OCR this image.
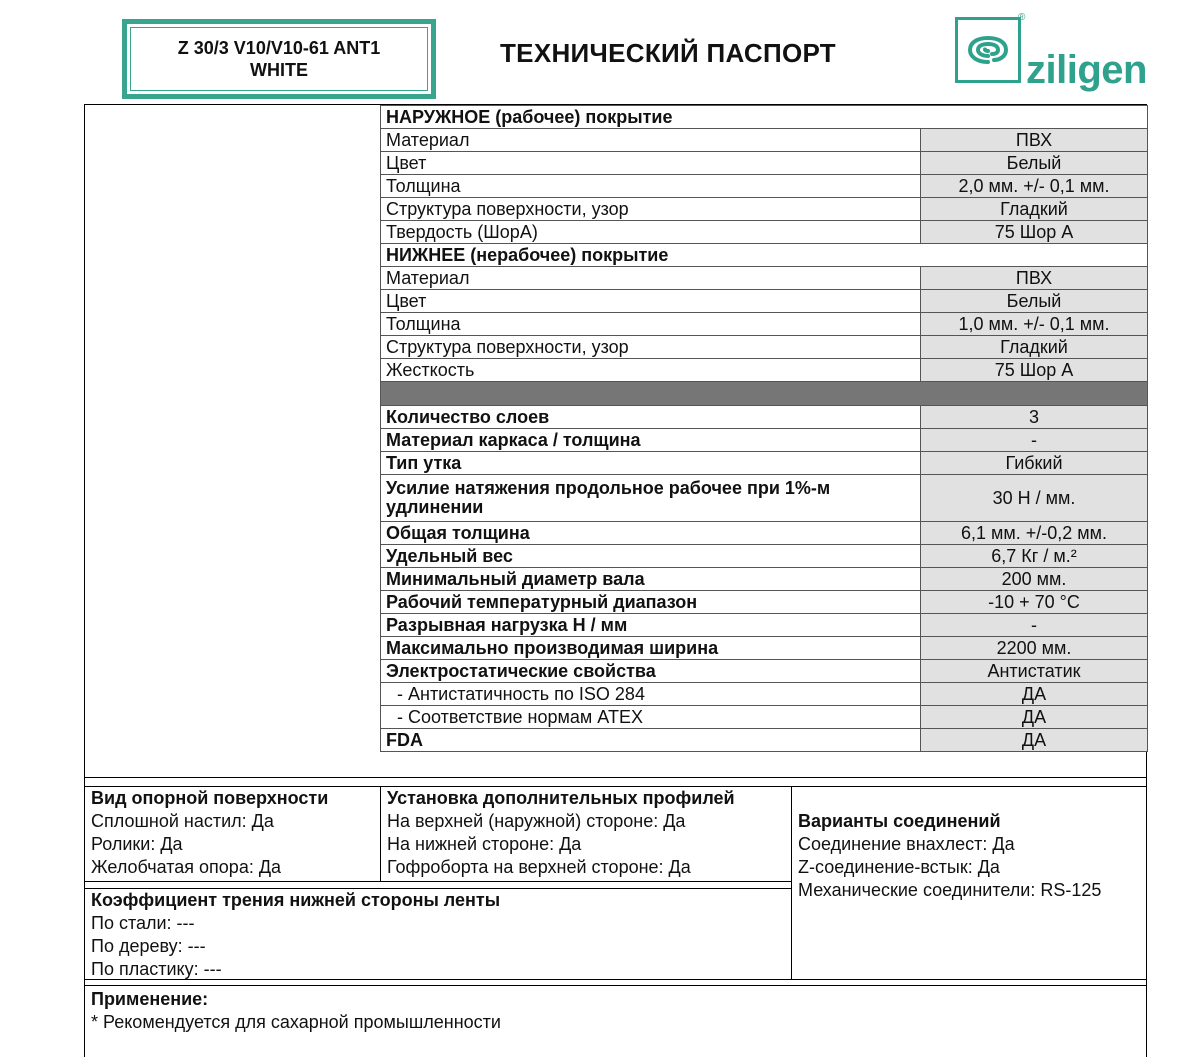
Z 30/3 V10/V10-61 ANT1
WHITE
ТЕХНИЧЕСКИЙ ПАСПОРТ
®
ziligen
НАРУЖНОЕ (рабочее) покрытие	
Материал	ПВХ
Цвет	Белый
Толщина	2,0 мм. +/- 0,1 мм.
Структура поверхности, узор	Гладкий
Твердость (ШорА)	75 Шор А
НИЖНЕЕ (нерабочее) покрытие	
Материал	ПВХ
Цвет	Белый
Толщина	1,0 мм. +/- 0,1 мм.
Структура поверхности, узор	Гладкий
Жесткость	75 Шор А

Количество слоев	3
Материал каркаса / толщина	-
Тип утка	Гибкий
Усилие натяжения продольное рабочее при 1%-м удлинении	30 Н / мм.
Общая толщина	6,1 мм. +/-0,2 мм.
Удельный вес	6,7 Кг / м.²
Минимальный диаметр вала	200 мм.
Рабочий температурный диапазон	-10 + 70 °C
Разрывная нагрузка Н / мм	-
Максимально производимая ширина	2200 мм.
Электростатические свойства	Антистатик
- Антистатичность по ISO 284	ДА
- Соответствие нормам ATEX	ДА
FDA	ДА
Вид опорной поверхности
Сплошной настил: Да
Ролики: Да
Желобчатая опора: Да
Установка дополнительных профилей
На верхней (наружной) стороне: Да
На нижней стороне: Да
Гофроборта на верхней стороне: Да
Варианты соединений
Соединение внахлест: Да
Z-соединение-встык: Да
Механические соединители: RS-125
Коэффициент трения нижней стороны ленты
По стали: ---
По дереву: ---
По пластику: ---
Применение:
* Рекомендуется для сахарной промышленности
